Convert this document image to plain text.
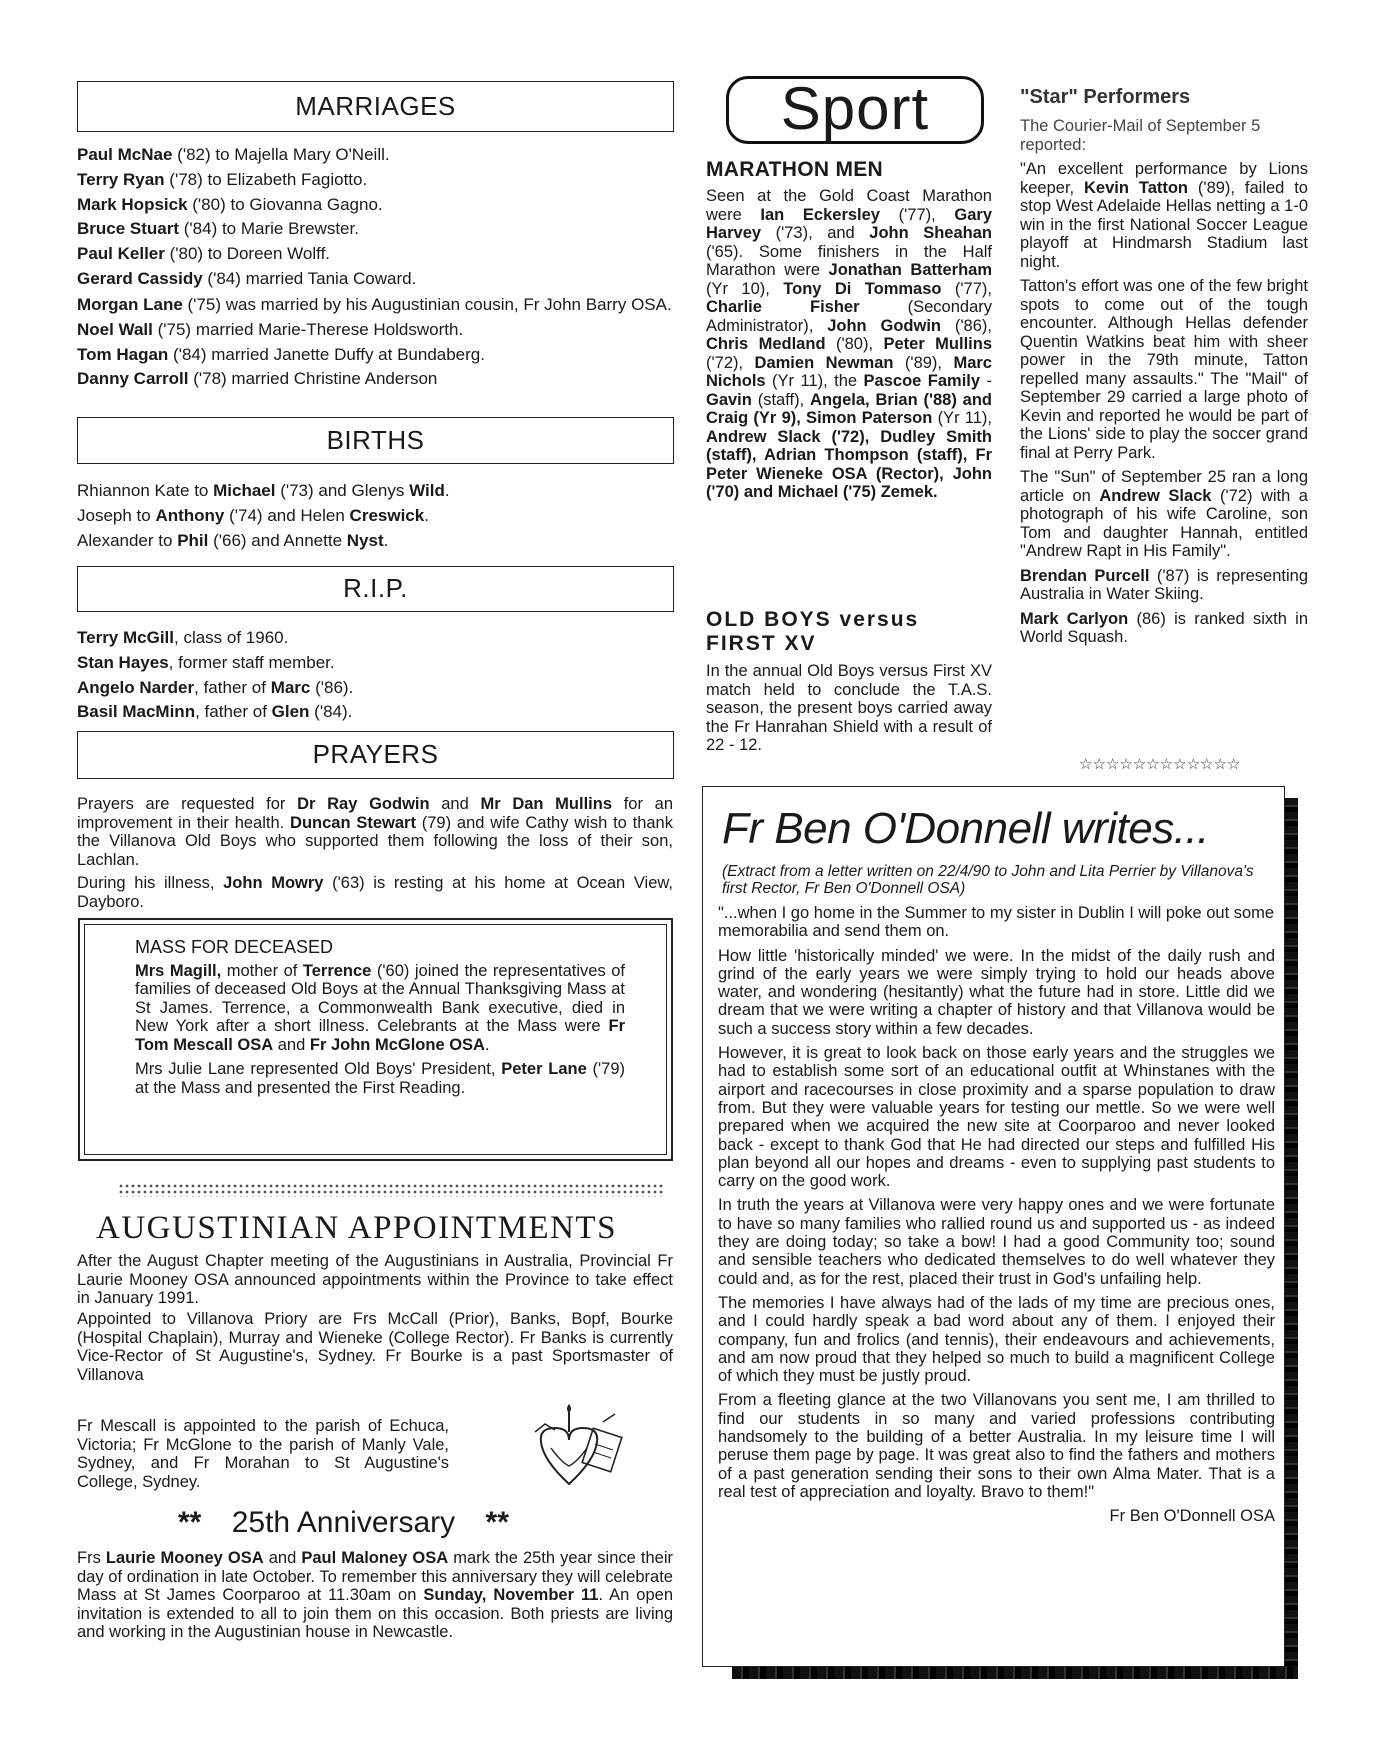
MARRIAGES

Paul McNae ('82) to Majella Mary O'Neill.

Terry Ryan ('78) to Elizabeth Fagiotto.

Mark Hopsick ('80) to Giovanna Gagno.

Bruce Stuart ('84) to Marie Brewster.

Paul Keller ('80) to Doreen Wolff.

Gerard Cassidy ('84) married Tania Coward.

Morgan Lane ('75) was married by his Augustinian cousin, Fr John Barry OSA.

Noel Wall ('75) married Marie-Therese Holdsworth.

Tom Hagan ('84) married Janette Duffy at Bundaberg.

Danny Carroll ('78) married Christine Anderson

BIRTHS

Rhiannon Kate to Michael ('73) and Glenys Wild.

Joseph to Anthony ('74) and Helen Creswick.

Alexander to Phil ('66) and Annette Nyst.

R.I.P.

Terry McGill, class of 1960.

Stan Hayes, former staff member.

Angelo Narder, father of Marc ('86).

Basil MacMinn, father of Glen ('84).

PRAYERS

Prayers are requested for Dr Ray Godwin and Mr Dan Mullins for an improvement in their health. Duncan Stewart (79) and wife Cathy wish to thank the Villanova Old Boys who supported them following the loss of their son, Lachlan.

During his illness, John Mowry ('63) is resting at his home at Ocean View, Dayboro.

MASS FOR DECEASED

Mrs Magill, mother of Terrence ('60) joined the representatives of families of deceased Old Boys at the Annual Thanksgiving Mass at St James. Terrence, a Commonwealth Bank executive, died in New York after a short illness. Celebrants at the Mass were Fr Tom Mescall OSA and Fr John McGlone OSA.

Mrs Julie Lane represented Old Boys' President, Peter Lane ('79) at the Mass and presented the First Reading.

AUGUSTINIAN APPOINTMENTS

After the August Chapter meeting of the Augustinians in Australia, Provincial Fr Laurie Mooney OSA announced appointments within the Province to take effect in January 1991.

Appointed to Villanova Priory are Frs McCall (Prior), Banks, Bopf, Bourke (Hospital Chaplain), Murray and Wieneke (College Rector). Fr Banks is currently Vice-Rector of St Augustine's, Sydney. Fr Bourke is a past Sportsmaster of Villanova

Fr Mescall is appointed to the parish of Echuca, Victoria; Fr McGlone to the parish of Manly Vale, Sydney, and Fr Morahan to St Augustine's College, Sydney.

** 25th Anniversary **

Frs Laurie Mooney OSA and Paul Maloney OSA mark the 25th year since their day of ordination in late October. To remember this anniversary they will celebrate Mass at St James Coorparoo at 11.30am on Sunday, November 11. An open invitation is extended to all to join them on this occasion. Both priests are living and working in the Augustinian house in Newcastle.

Sport
MARATHON MEN

Seen at the Gold Coast Marathon were Ian Eckersley ('77), Gary Harvey ('73), and John Sheahan ('65). Some finishers in the Half Marathon were Jonathan Batterham (Yr 10), Tony Di Tommaso ('77), Charlie Fisher (Secondary Administrator), John Godwin ('86), Chris Medland ('80), Peter Mullins ('72), Damien Newman ('89), Marc Nichols (Yr 11), the Pascoe Family - Gavin (staff), Angela, Brian ('88) and Craig (Yr 9), Simon Paterson (Yr 11), Andrew Slack ('72), Dudley Smith (staff), Adrian Thompson (staff), Fr Peter Wieneke OSA (Rector), John ('70) and Michael ('75) Zemek.

OLD BOYS versus FIRST XV

In the annual Old Boys versus First XV match held to conclude the T.A.S. season, the present boys carried away the Fr Hanrahan Shield with a result of 22 - 12.

"Star" Performers

The Courier-Mail of September 5 reported:

"An excellent performance by Lions keeper, Kevin Tatton ('89), failed to stop West Adelaide Hellas netting a 1-0 win in the first National Soccer League playoff at Hindmarsh Stadium last night.

Tatton's effort was one of the few bright spots to come out of the tough encounter. Although Hellas defender Quentin Watkins beat him with sheer power in the 79th minute, Tatton repelled many assaults." The "Mail" of September 29 carried a large photo of Kevin and reported he would be part of the Lions' side to play the soccer grand final at Perry Park.

The "Sun" of September 25 ran a long article on Andrew Slack ('72) with a photograph of his wife Caroline, son Tom and daughter Hannah, entitled "Andrew Rapt in His Family".

Brendan Purcell ('87) is representing Australia in Water Skiing.

Mark Carlyon (86) is ranked sixth in World Squash.

☆☆☆☆☆☆☆☆☆☆☆☆
Fr Ben O'Donnell writes...
(Extract from a letter written on 22/4/90 to John and Lita Perrier by Villanova's first Rector, Fr Ben O'Donnell OSA)

"...when I go home in the Summer to my sister in Dublin I will poke out some memorabilia and send them on.

How little 'historically minded' we were. In the midst of the daily rush and grind of the early years we were simply trying to hold our heads above water, and wondering (hesitantly) what the future had in store. Little did we dream that we were writing a chapter of history and that Villanova would be such a success story within a few decades.

However, it is great to look back on those early years and the struggles we had to establish some sort of an educational outfit at Whinstanes with the airport and racecourses in close proximity and a sparse population to draw from. But they were valuable years for testing our mettle. So we were well prepared when we acquired the new site at Coorparoo and never looked back - except to thank God that He had directed our steps and fulfilled His plan beyond all our hopes and dreams - even to supplying past students to carry on the good work.

In truth the years at Villanova were very happy ones and we were fortunate to have so many families who rallied round us and supported us - as indeed they are doing today; so take a bow! I had a good Community too; sound and sensible teachers who dedicated themselves to do well whatever they could and, as for the rest, placed their trust in God's unfailing help.

The memories I have always had of the lads of my time are precious ones, and I could hardly speak a bad word about any of them. I enjoyed their company, fun and frolics (and tennis), their endeavours and achievements, and am now proud that they helped so much to build a magnificent College of which they must be justly proud.

From a fleeting glance at the two Villanovans you sent me, I am thrilled to find our students in so many and varied professions contributing handsomely to the building of a better Australia. In my leisure time I will peruse them page by page. It was great also to find the fathers and mothers of a past generation sending their sons to their own Alma Mater. That is a real test of appreciation and loyalty. Bravo to them!"

Fr Ben O'Donnell OSA
